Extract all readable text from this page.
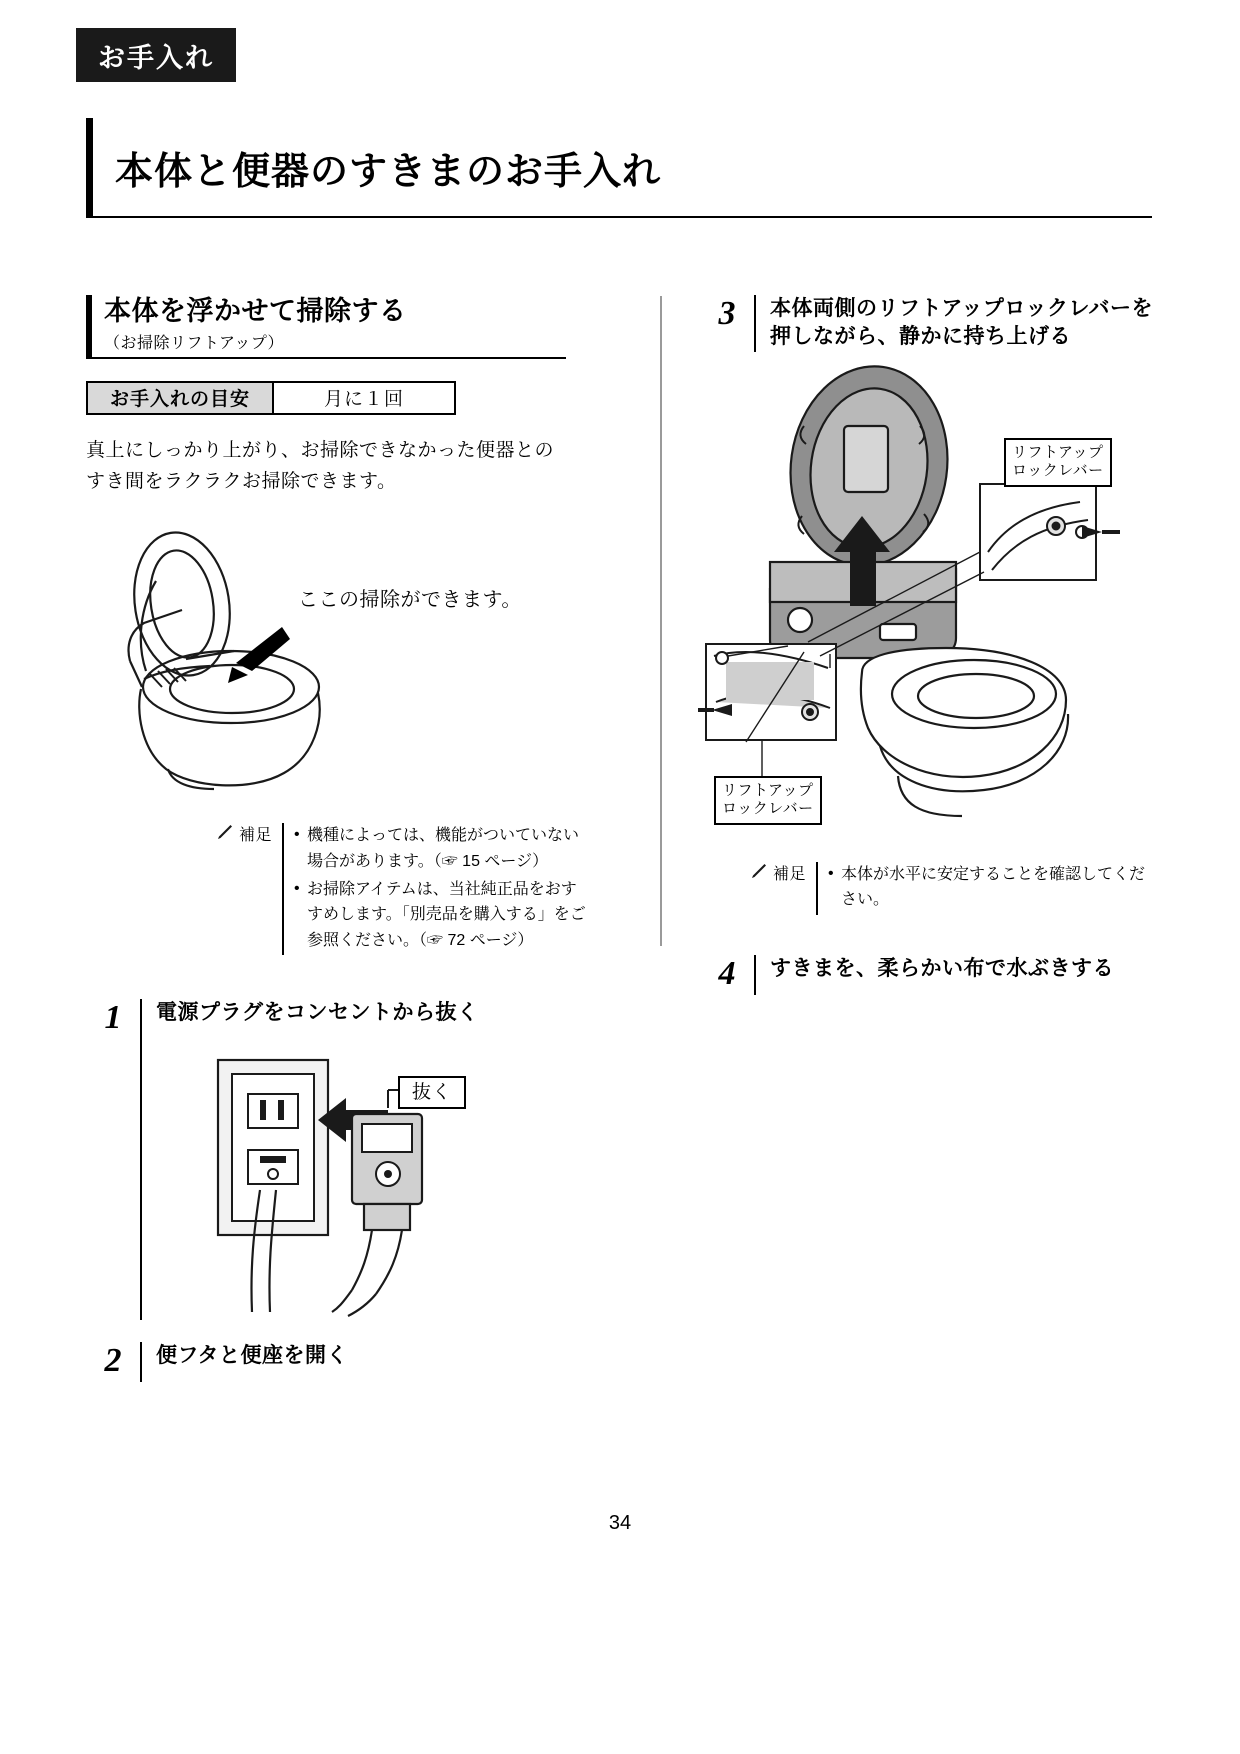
お手入れ
本体と便器のすきまのお手入れ
本体を浮かせて掃除する
（お掃除リフトアップ）
お手入れの目安	月に１回
真上にしっかり上がり、お掃除できなかった便器とのすき間をラクラクお掃除できます。
ここの掃除ができます。
補足	• 機種によっては、機能がついていない場合があります。（☞ 15 ページ）
• お掃除アイテムは、当社純正品をおすすめします。「別売品を購入する」をご参照ください。（☞ 72 ページ）
1	電源プラグをコンセントから抜く
抜く
2	便フタと便座を開く
3	本体両側のリフトアップロックレバーを押しながら、静かに持ち上げる
リフトアップ
ロックレバー
リフトアップ
ロックレバー
補足	• 本体が水平に安定することを確認してください。
4	すきまを、柔らかい布で水ぶきする
34
